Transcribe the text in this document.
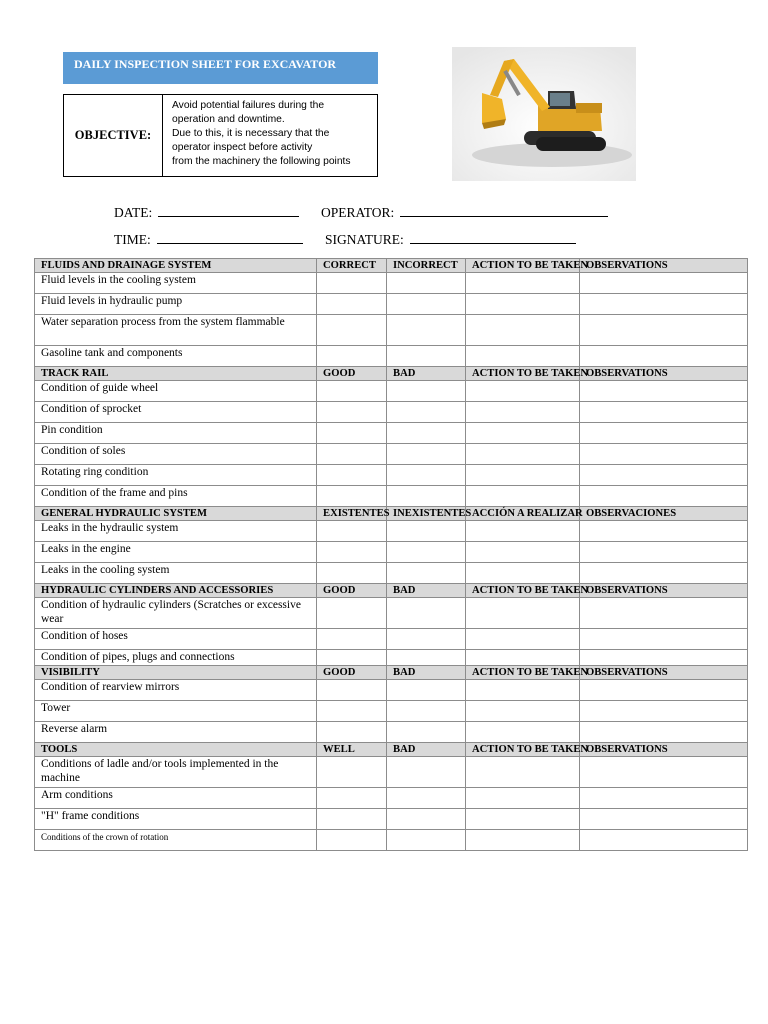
DAILY INSPECTION SHEET FOR EXCAVATOR
OBJECTIVE:
Avoid potential failures during the
operation and downtime.
Due to this, it is necessary that the
operator inspect before activity
from the machinery the following points
DATE:	OPERATOR:
TIME:	SIGNATURE:
FLUIDS AND DRAINAGE SYSTEM	CORRECT	INCORRECT	ACTION TO BE TAKEN	OBSERVATIONS
Fluid levels in the cooling system				
Fluid levels in hydraulic pump				
Water separation process from the system flammable				
Gasoline tank and components				
TRACK RAIL	GOOD	BAD	ACTION TO BE TAKEN	OBSERVATIONS
Condition of guide wheel				
Condition of sprocket				
Pin condition				
Condition of soles				
Rotating ring condition				
Condition of the frame and pins				
GENERAL HYDRAULIC SYSTEM	EXISTENTES	INEXISTENTES	ACCIÓN A REALIZAR	OBSERVACIONES
Leaks in the hydraulic system				
Leaks in the engine				
Leaks in the cooling system				
HYDRAULIC CYLINDERS AND ACCESSORIES	GOOD	BAD	ACTION TO BE TAKEN	OBSERVATIONS
Condition of hydraulic cylinders (Scratches or excessive wear				
Condition of hoses				
Condition of pipes, plugs and connections				
VISIBILITY	GOOD	BAD	ACTION TO BE TAKEN	OBSERVATIONS
Condition of rearview mirrors				
Tower				
Reverse alarm				
TOOLS	WELL	BAD	ACTION TO BE TAKEN	OBSERVATIONS
Conditions of ladle and/or tools implemented in the machine				
Arm conditions				
"H" frame conditions				
Conditions of the crown of rotation				
